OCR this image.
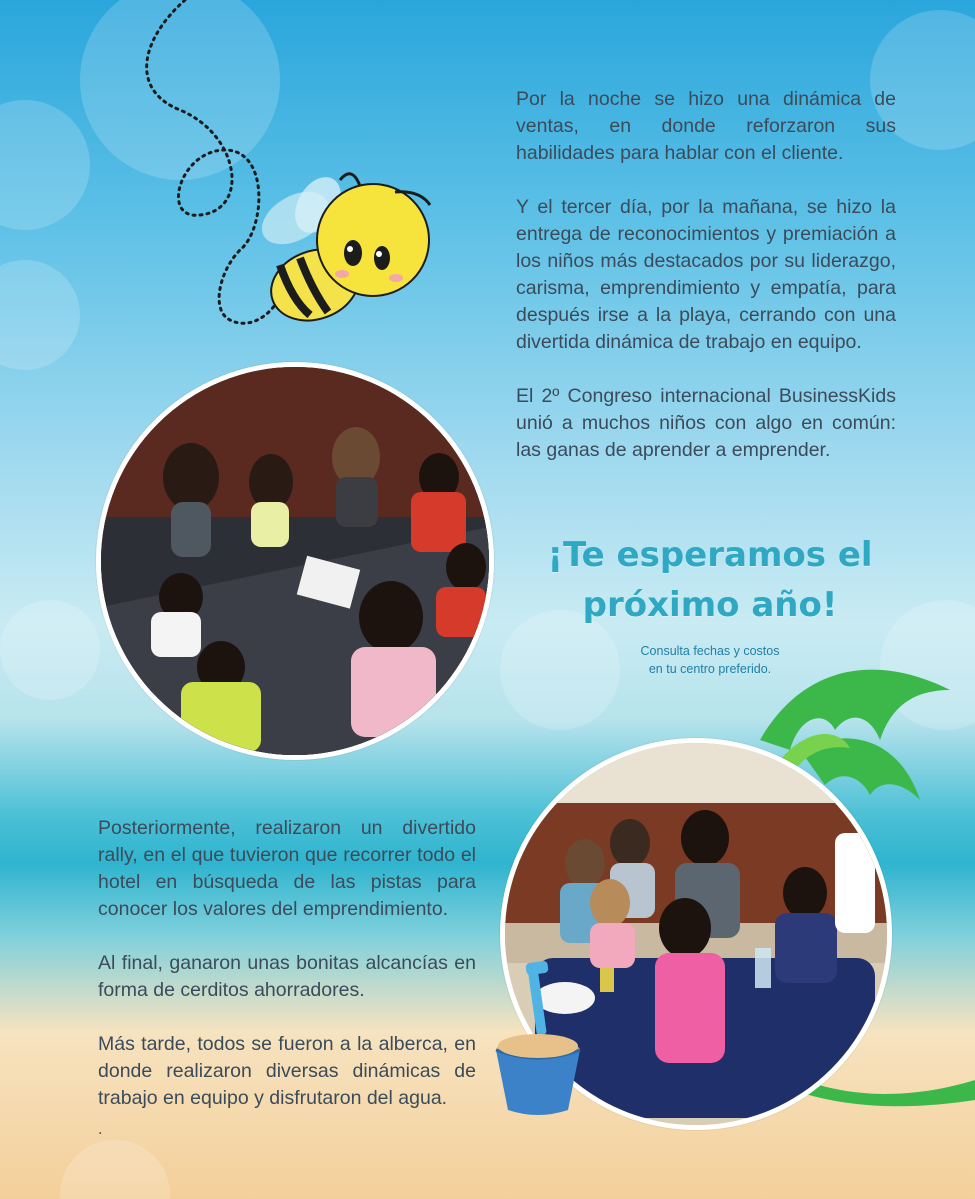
Por la noche se hizo una dinámica de ventas, en donde reforzaron sus habilidades para hablar con el cliente.

Y el tercer día, por la mañana, se hizo la entrega de reconocimientos y premiación a los niños más destacados por su liderazgo, carisma, emprendimiento y empatía, para después irse a la playa, cerrando con una divertida dinámica de trabajo en equipo.

El 2º Congreso internacional BusinessKids unió a muchos niños con algo en común: las ganas de aprender a emprender.

¡Te esperamos el
próximo año!
Consulta fechas y costos
en tu centro preferido.

Posteriormente, realizaron un divertido rally, en el que tuvieron que recorrer todo el hotel en búsqueda de las pistas para conocer los valores del emprendimiento.

Al final, ganaron unas bonitas alcancías en forma de cerditos ahorradores.

Más tarde, todos se fueron a la alberca, en donde realizaron diversas dinámicas de trabajo en equipo y disfrutaron del agua.

.
